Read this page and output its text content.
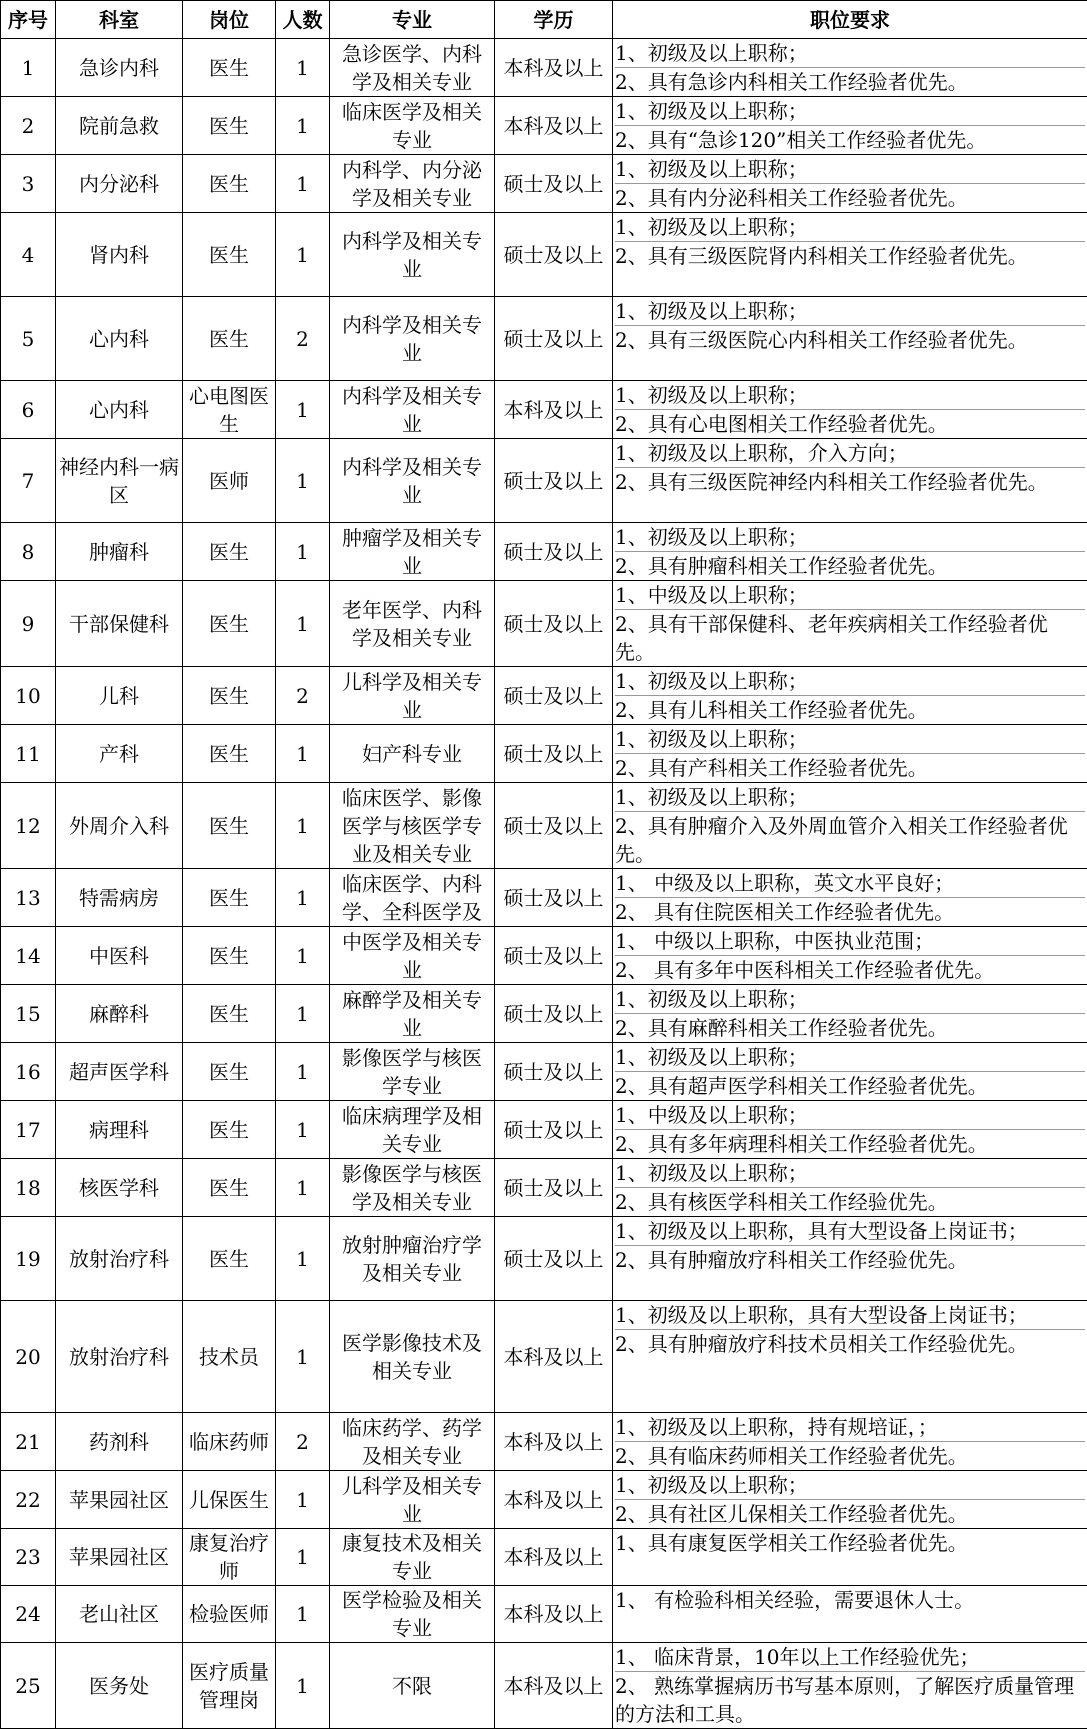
序号	科室	岗位	人数	专业	学历	职位要求
1	急诊内科	医生	1	急诊医学、内科学及相关专业	本科及以上	1、初级及以上职称；
2、具有急诊内科相关工作经验者优先。

2	院前急救	医生	1	临床医学及相关专业	本科及以上	1、初级及以上职称；
2、具有“急诊120”相关工作经验者优先。

3	内分泌科	医生	1	内科学、内分泌学及相关专业	硕士及以上	1、初级及以上职称；
2、具有内分泌科相关工作经验者优先。

4	肾内科	医生	1	内科学及相关专业	硕士及以上	1、初级及以上职称；
2、具有三级医院肾内科相关工作经验者优先。

5	心内科	医生	2	内科学及相关专业	硕士及以上	1、初级及以上职称；
2、具有三级医院心内科相关工作经验者优先。

6	心内科	心电图医生	1	内科学及相关专业	本科及以上	1、初级及以上职称；
2、具有心电图相关工作经验者优先。

7	神经内科一病区	医师	1	内科学及相关专业	硕士及以上	1、初级及以上职称，介入方向；
2、具有三级医院神经内科相关工作经验者优先。

8	肿瘤科	医生	1	肿瘤学及相关专业	硕士及以上	1、初级及以上职称；
2、具有肿瘤科相关工作经验者优先。

9	干部保健科	医生	1	老年医学、内科学及相关专业	硕士及以上	1、中级及以上职称；
2、具有干部保健科、老年疾病相关工作经验者优先。

10	儿科	医生	2	儿科学及相关专业	硕士及以上	1、初级及以上职称；
2、具有儿科相关工作经验者优先。

11	产科	医生	1	妇产科专业	硕士及以上	1、初级及以上职称；
2、具有产科相关工作经验者优先。

12	外周介入科	医生	1	临床医学、影像医学与核医学专业及相关专业	硕士及以上	1、初级及以上职称；
2、具有肿瘤介入及外周血管介入相关工作经验者优先。

13	特需病房	医生	1	临床医学、内科学、全科医学及	硕士及以上	1、 中级及以上职称，英文水平良好；
2、 具有住院医相关工作经验者优先。

14	中医科	医生	1	中医学及相关专业	硕士及以上	1、 中级以上职称，中医执业范围；
2、 具有多年中医科相关工作经验者优先。

15	麻醉科	医生	1	麻醉学及相关专业	硕士及以上	1、初级及以上职称；
2、具有麻醉科相关工作经验者优先。

16	超声医学科	医生	1	影像医学与核医学专业	硕士及以上	1、初级及以上职称；
2、具有超声医学科相关工作经验者优先。

17	病理科	医生	1	临床病理学及相关专业	硕士及以上	1、中级及以上职称；
2、具有多年病理科相关工作经验者优先。

18	核医学科	医生	1	影像医学与核医学及相关专业	硕士及以上	1、初级及以上职称；
2、具有核医学科相关工作经验优先。

19	放射治疗科	医生	1	放射肿瘤治疗学及相关专业	硕士及以上	1、初级及以上职称，具有大型设备上岗证书；
2、具有肿瘤放疗科相关工作经验优先。

20	放射治疗科	技术员	1	医学影像技术及相关专业	本科及以上	1、初级及以上职称，具有大型设备上岗证书；
2、具有肿瘤放疗科技术员相关工作经验优先。

21	药剂科	临床药师	2	临床药学、药学及相关专业	本科及以上	1、初级及以上职称，持有规培证，；
2、具有临床药师相关工作经验者优先。

22	苹果园社区	儿保医生	1	儿科学及相关专业	本科及以上	1、初级及以上职称；
2、具有社区儿保相关工作经验者优先。

23	苹果园社区	康复治疗师	1	康复技术及相关专业	本科及以上	1、具有康复医学相关工作经验者优先。

24	老山社区	检验医师	1	医学检验及相关专业	本科及以上	1、 有检验科相关经验，需要退休人士。

25	医务处	医疗质量管理岗	1	不限	本科及以上	1、 临床背景，10年以上工作经验优先；
2、 熟练掌握病历书写基本原则，了解医疗质量管理的方法和工具。
